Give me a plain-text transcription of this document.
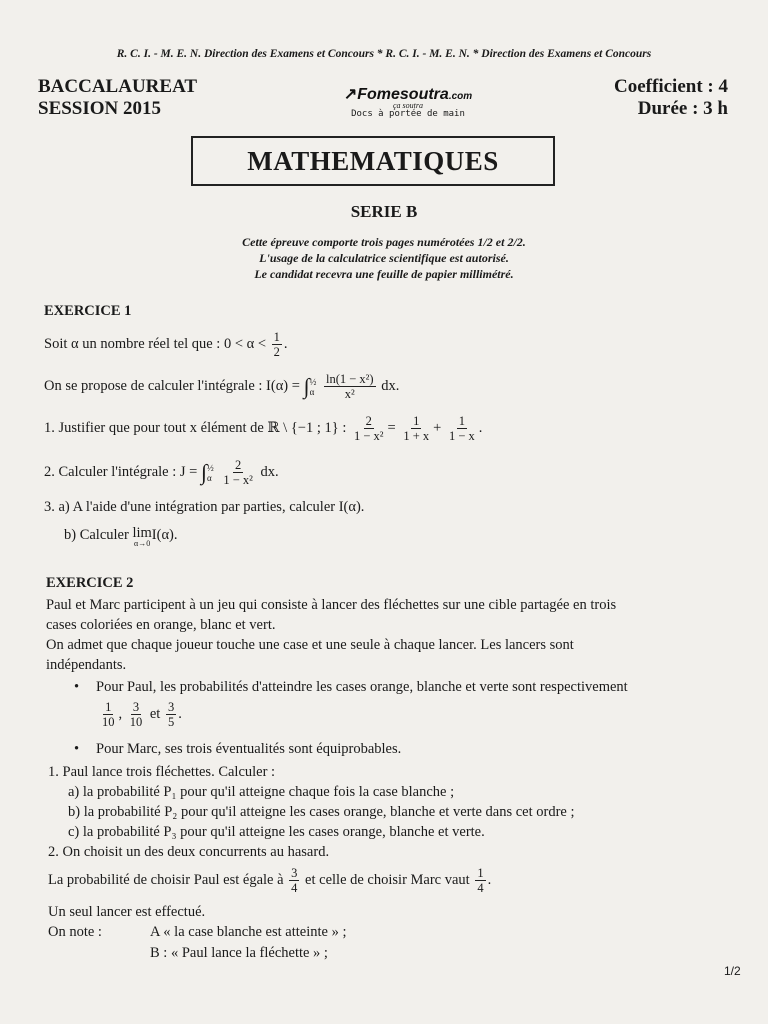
R. C. I. - M. E. N. Direction des Examens et Concours * R. C. I. - M. E. N. * Direction des Examens et Concours
BACCALAUREAT
SESSION 2015
Coefficient : 4
Durée : 3 h
↗Fomesoutra.com
ça soutra
Docs à portée de main
MATHEMATIQUES
SERIE B
Cette épreuve comporte trois pages numérotées 1/2 et 2/2.
L'usage de la calculatrice scientifique est autorisé.
Le candidat recevra une feuille de papier millimétré.
EXERCICE 1
Soit α un nombre réel tel que : $0 < \alpha < \frac{1}{2}$ .
On se propose de calculer l'intégrale : I(α) = ∫ ½
α
$\frac{\text{ln(1 − x²)}}{\text{x²}}$ dx.
1. Justifier que pour tout x élément de ℝ \ {−1 ; 1} : $\frac{2}{\text{1 − x²}} = \frac{1}{1 + x} + \frac{1}{1 - x}$ .
2. Calculer l'intégrale : J = ∫ ½
α
$\frac{2}{\text{1 − x²}}$ dx.
3. a) A l'aide d'une intégration par parties, calculer I(α).
b) Calculer lim
α→0
I(α).
EXERCICE 2
Paul et Marc participent à un jeu qui consiste à lancer des fléchettes sur une cible partagée en trois
cases coloriées en orange, blanc et vert.
On admet que chaque joueur touche une case et une seule à chaque lancer. Les lancers sont
indépendants.
• Pour Paul, les probabilités d'atteindre les cases orange, blanche et verte sont respectivement
$\frac{1}{10}$ , $\frac{3}{10}$ et $\frac{3}{5}$ .
• Pour Marc, ses trois éventualités sont équiprobables.
1. Paul lance trois fléchettes. Calculer :
a) la probabilité P₁ pour qu'il atteigne chaque fois la case blanche ;
b) la probabilité P₂ pour qu'il atteigne les cases orange, blanche et verte dans cet ordre ;
c) la probabilité P₃ pour qu'il atteigne les cases orange, blanche et verte.
2. On choisit un des deux concurrents au hasard.
La probabilité de choisir Paul est égale à $\frac{3}{4}$ et celle de choisir Marc vaut $\frac{1}{4}$ .
Un seul lancer est effectué.
On note :	A « la case blanche est atteinte » ;
B : « Paul lance la fléchette » ;
1/2
